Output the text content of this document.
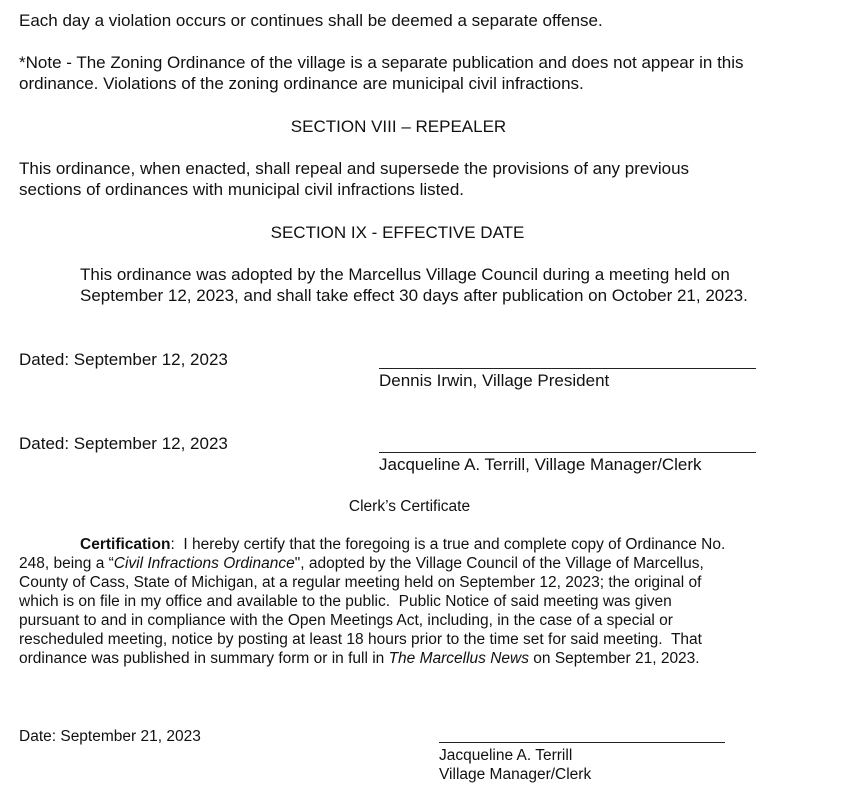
Each day a violation occurs or continues shall be deemed a separate offense.
*Note - The Zoning Ordinance of the village is a separate publication and does not appear in this
ordinance. Violations of the zoning ordinance are municipal civil infractions.
SECTION VIII – REPEALER
This ordinance, when enacted, shall repeal and supersede the provisions of any previous
sections of ordinances with municipal civil infractions listed.
SECTION IX - EFFECTIVE DATE
This ordinance was adopted by the Marcellus Village Council during a meeting held on
September 12, 2023, and shall take effect 30 days after publication on October 21, 2023.
Dated: September 12, 2023
Dennis Irwin, Village President
Dated: September 12, 2023
Jacqueline A. Terrill, Village Manager/Clerk
Clerk’s Certificate
Certification:  I hereby certify that the foregoing is a true and complete copy of Ordinance No.
248, being a “Civil Infractions Ordinance", adopted by the Village Council of the Village of Marcellus,
County of Cass, State of Michigan, at a regular meeting held on September 12, 2023; the original of
which is on file in my office and available to the public.  Public Notice of said meeting was given
pursuant to and in compliance with the Open Meetings Act, including, in the case of a special or
rescheduled meeting, notice by posting at least 18 hours prior to the time set for said meeting.  That
ordinance was published in summary form or in full in The Marcellus News on September 21, 2023.
Date: September 21, 2023
Jacqueline A. Terrill
Village Manager/Clerk
